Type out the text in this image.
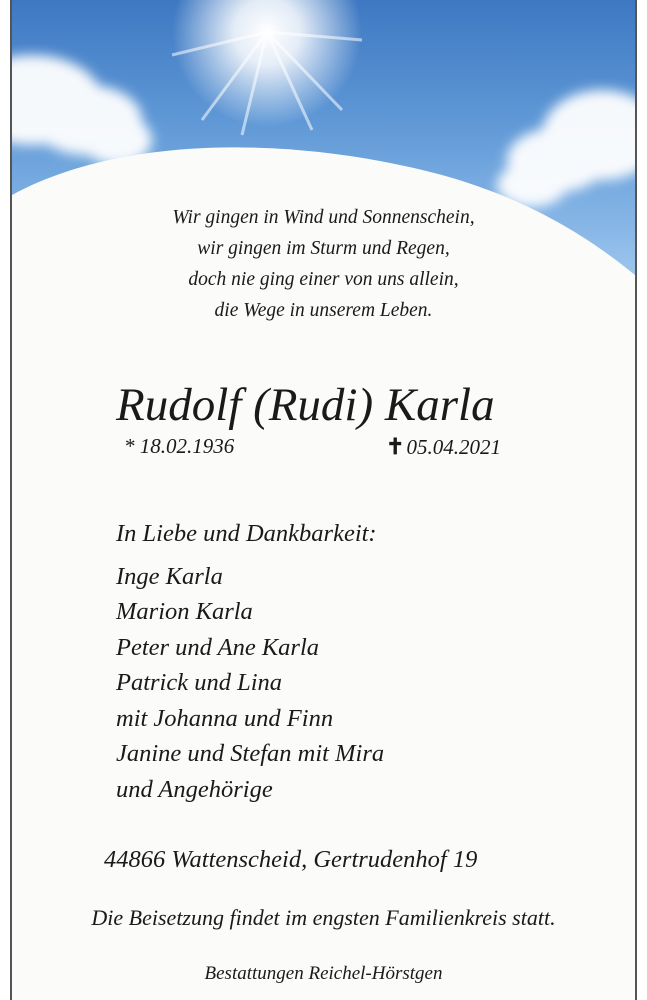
Wir gingen in Wind und Sonnenschein,
wir gingen im Sturm und Regen,
doch nie ging einer von uns allein,
die Wege in unserem Leben.
Rudolf (Rudi) Karla
* 18.02.1936	✝05.04.2021
In Liebe und Dankbarkeit:
Inge Karla
Marion Karla
Peter und Ane Karla
Patrick und Lina
mit Johanna und Finn
Janine und Stefan mit Mira
und Angehörige
44866 Wattenscheid, Gertrudenhof 19
Die Beisetzung findet im engsten Familienkreis statt.
Bestattungen Reichel-Hörstgen
